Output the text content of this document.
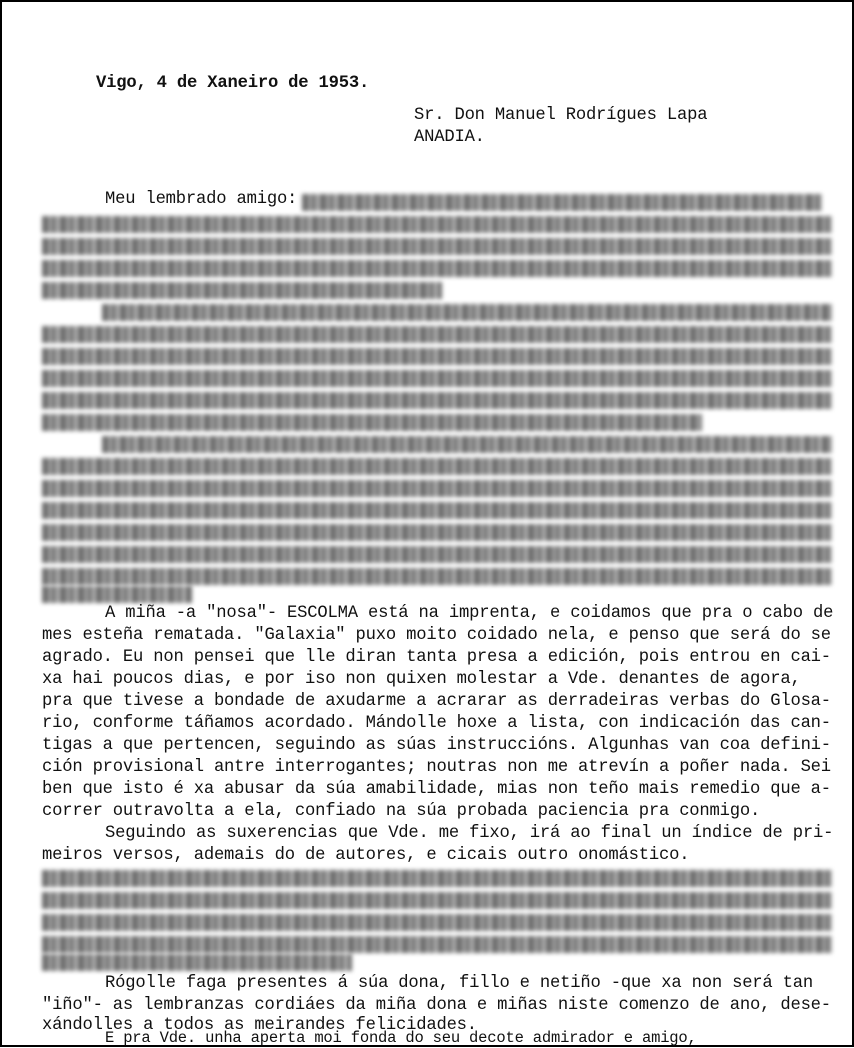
Vigo, 4 de Xaneiro de 1953.
Sr. Don Manuel Rodrígues Lapa
ANADIA.
Meu lembrado amigo:
A miña -a "nosa"- ESCOLMA está na imprenta, e coidamos que pra o cabo de
mes esteña rematada. "Galaxia" puxo moito coidado nela, e penso que será do se
agrado. Eu non pensei que lle diran tanta presa a edición, pois entrou en cai-
xa hai poucos dias, e por iso non quixen molestar a Vde. denantes de agora,
pra que tivese a bondade de axudarme a acrarar as derradeiras verbas do Glosa-
rio, conforme táñamos acordado. Mándolle hoxe a lista, con indicación das can-
tigas a que pertencen, seguindo as súas instruccións. Algunhas van coa defini-
ción provisional antre interrogantes; noutras non me atrevín a poñer nada. Sei
ben que isto é xa abusar da súa amabilidade, mias non teño mais remedio que a-
correr outravolta a ela, confiado na súa probada paciencia pra conmigo.
Seguindo as suxerencias que Vde. me fixo, irá ao final un índice de pri-
meiros versos, ademais do de autores, e cicais outro onomástico.
Rógolle faga presentes á súa dona, fillo e netiño -que xa non será tan
"iño"- as lembranzas cordiáes da miña dona e miñas niste comenzo de ano, dese-
xándolles a todos as meirandes felicidades.
E pra Vde. unha aperta moi fonda do seu decote admirador e amigo,
